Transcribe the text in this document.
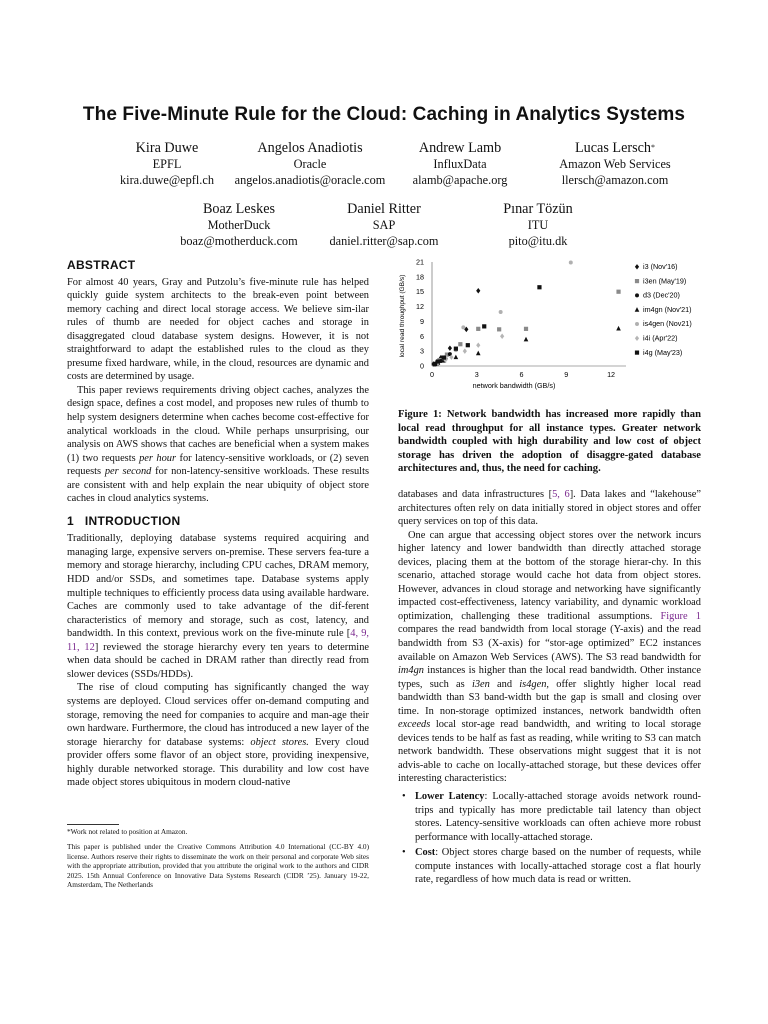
The Five-Minute Rule for the Cloud: Caching in Analytics Systems
Kira Duwe
EPFL
kira.duwe@epfl.ch
Angelos Anadiotis
Oracle
angelos.anadiotis@oracle.com
Andrew Lamb
InfluxData
alamb@apache.org
Lucas Lersch*
Amazon Web Services
llersch@amazon.com
Boaz Leskes
MotherDuck
boaz@motherduck.com
Daniel Ritter
SAP
daniel.ritter@sap.com
Pınar Tözün
ITU
pito@itu.dk
ABSTRACT

For almost 40 years, Gray and Putzolu’s five-minute rule has helped quickly guide system architects to the break-even point between memory caching and direct local storage access. We believe sim-ilar rules of thumb are needed for object caches and storage in disaggregated cloud database system designs. However, it is not straightforward to adapt the established rules to the cloud as they presume fixed hardware, while, in the cloud, resources are dynamic and costs are determined by usage.

This paper reviews requirements driving object caches, analyzes the design space, defines a cost model, and proposes new rules of thumb to help system designers determine when caches become cost-effective for analytical workloads in the cloud. While perhaps unsurprising, our analysis on AWS shows that caches are beneficial when a system makes (1) two requests per hour for latency-sensitive workloads, or (2) seven requests per second for non-latency-sensitive workloads. These results are consistent with and help explain the near ubiquity of object store caches in cloud analytics systems.

1   INTRODUCTION

Traditionally, deploying database systems required acquiring and managing large, expensive servers on-premise. These servers fea-ture a memory and storage hierarchy, including CPU caches, DRAM memory, HDD and/or SSDs, and sometimes tape. Database systems apply multiple techniques to efficiently process data using available hardware. Caches are commonly used to take advantage of the dif-ferent characteristics of memory and storage, such as cost, latency, and bandwidth. In this context, previous work on the five-minute rule [4, 9, 11, 12] reviewed the storage hierarchy every ten years to determine when data should be cached in DRAM rather than directly read from slower devices (SSDs/HDDs).

The rise of cloud computing has significantly changed the way systems are deployed. Cloud services offer on-demand computing and storage, removing the need for companies to acquire and man-age their own hardware. Furthermore, the cloud has introduced a new layer of the storage hierarchy for database systems: object stores. Every cloud provider offers some flavor of an object store, providing inexpensive, highly durable networked storage. This durability and low cost have made object stores ubiquitous in modern cloud-native

*Work not related to position at Amazon.
This paper is published under the Creative Commons Attribution 4.0 International (CC-BY 4.0) license. Authors reserve their rights to disseminate the work on their personal and corporate Web sites with the appropriate attribution, provided that you attribute the original work to the authors and CIDR 2025. 15th Annual Conference on Innovative Data Systems Research (CIDR ’25). January 19-22, Amsterdam, The Netherlands
0	3	6	9	12
0
3
6
9
12
15
18
21	i3 (Nov'16)
i3en (May'19)
d3 (Dec'20)
im4gn (Nov'21)
is4gen (Nov21)
i4i (Apr'22)
i4g (May'23)
network bandwidth (GB/s)
local read throughput (GB/s)
Figure 1: Network bandwidth has increased more rapidly than local read throughput for all instance types. Greater network bandwidth coupled with high durability and low cost of object storage has driven the adoption of disaggre-gated database architectures and, thus, the need for caching.

databases and data infrastructures [5, 6]. Data lakes and “lakehouse” architectures often rely on data initially stored in object stores and offer query services on top of this data.

One can argue that accessing object stores over the network incurs higher latency and lower bandwidth than directly attached storage devices, placing them at the bottom of the storage hierar-chy. In this scenario, attached storage would cache hot data from object stores. However, advances in cloud storage and networking have significantly impacted cost-effectiveness, latency variability, and dynamic workload optimization, challenging these traditional assumptions. Figure 1 compares the read bandwidth from local storage (Y-axis) and the read bandwidth from S3 (X-axis) for “stor-age optimized” EC2 instances available on Amazon Web Services (AWS). The S3 read bandwidth for im4gn instances is higher than the local read bandwidth. Other instance types, such as i3en and is4gen, offer slightly higher local read bandwidth than S3 band-width but the gap is small and closing over time. In non-storage optimized instances, network bandwidth often exceeds local stor-age read bandwidth, and writing to local storage devices tends to be half as fast as reading, while writing to S3 can match network bandwidth. These observations might suggest that it is not advis-able to cache on locally-attached storage, but these devices offer interesting characteristics:

• Lower Latency: Locally-attached storage avoids network round-trips and typically has more predictable tail latency than object stores. Latency-sensitive workloads can often achieve more robust performance with locally-attached storage.
• Cost: Object stores charge based on the number of requests, while compute instances with locally-attached storage cost a flat hourly rate, regardless of how much data is read or written.
